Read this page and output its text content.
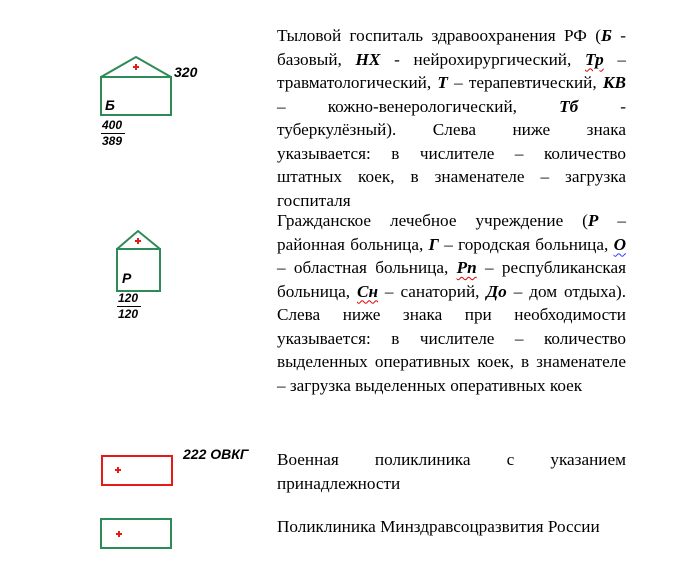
Б
320
400
389
Тыловой госпиталь здравоохранения РФ (Б - базовый, НХ - нейрохирургический, Тр – травматологический, Т – терапевтический, КВ – кожно-венерологический, Тб - туберкулёзный). Слева ниже знака указывается: в числителе – количество штатных коек, в знаменателе – загрузка госпиталя
Р
120
120
Гражданское лечебное учреждение (Р – районная больница, Г – городская больница, О – областная больница, Рп – республиканская больница, Сн – санаторий, До – дом отдыха). Слева ниже знака при необходимости указывается: в числителе – количество выделенных оперативных коек, в знаменателе – загрузка выделенных оперативных коек
222 ОВКГ Военная поликлиника с указанием принадлежности
Поликлиника Минздравсоцразвития России
